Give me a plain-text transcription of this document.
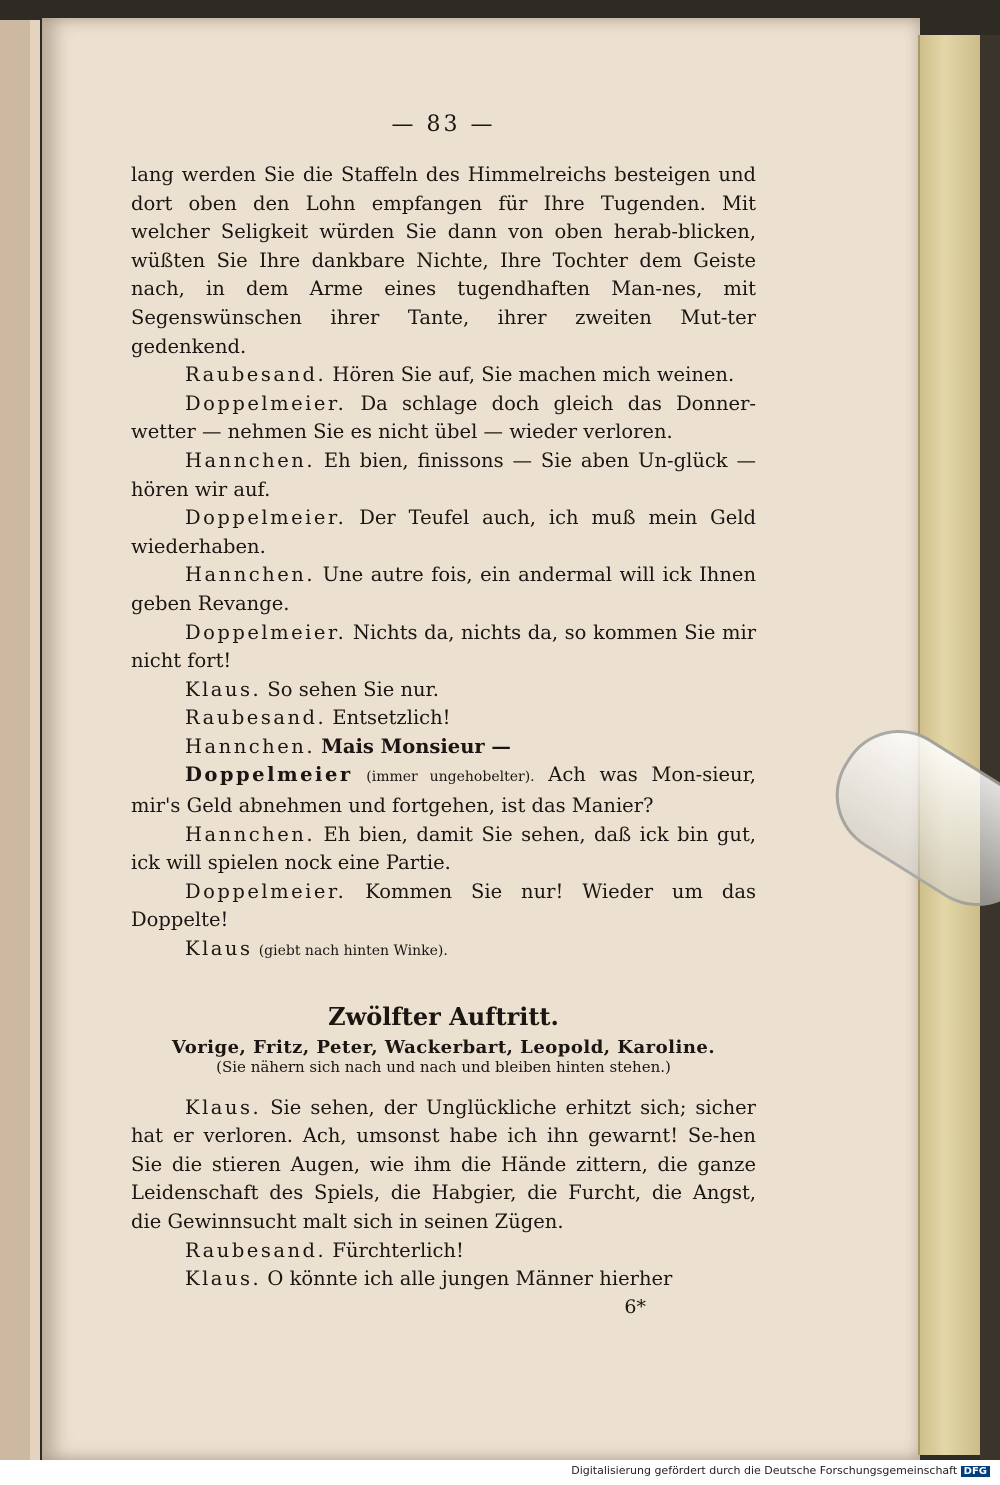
— 83 —

lang werden Sie die Staffeln des Himmelreichs besteigen und dort oben den Lohn empfangen für Ihre Tugenden. Mit welcher Seligkeit würden Sie dann von oben herab-blicken, wüßten Sie Ihre dankbare Nichte, Ihre Tochter dem Geiste nach, in dem Arme eines tugendhaften Man-nes, mit Segenswünschen ihrer Tante, ihrer zweiten Mut-ter gedenkend.

Raubesand. Hören Sie auf, Sie machen mich weinen.

Doppelmeier. Da schlage doch gleich das Donner-wetter — nehmen Sie es nicht übel — wieder verloren.

Hannchen. Eh bien, finissons — Sie aben Un-glück — hören wir auf.

Doppelmeier. Der Teufel auch, ich muß mein Geld wiederhaben.

Hannchen. Une autre fois, ein andermal will ick Ihnen geben Revange.

Doppelmeier. Nichts da, nichts da, so kommen Sie mir nicht fort!

Klaus. So sehen Sie nur.

Raubesand. Entsetzlich!

Hannchen. Mais Monsieur —

Doppelmeier (immer ungehobelter). Ach was Mon-sieur, mir's Geld abnehmen und fortgehen, ist das Manier?

Hannchen. Eh bien, damit Sie sehen, daß ick bin gut, ick will spielen nock eine Partie.

Doppelmeier. Kommen Sie nur! Wieder um das Doppelte!

Klaus (giebt nach hinten Winke).

Zwölfter Auftritt.
Vorige, Fritz, Peter, Wackerbart, Leopold, Karoline.
(Sie nähern sich nach und nach und bleiben hinten stehen.)

Klaus. Sie sehen, der Unglückliche erhitzt sich; sicher hat er verloren. Ach, umsonst habe ich ihn gewarnt! Se-hen Sie die stieren Augen, wie ihm die Hände zittern, die ganze Leidenschaft des Spiels, die Habgier, die Furcht, die Angst, die Gewinnsucht malt sich in seinen Zügen.

Raubesand. Fürchterlich!

Klaus. O könnte ich alle jungen Männer hierher

6*
Digitalisierung gefördert durch die Deutsche Forschungsgemeinschaft DFG
